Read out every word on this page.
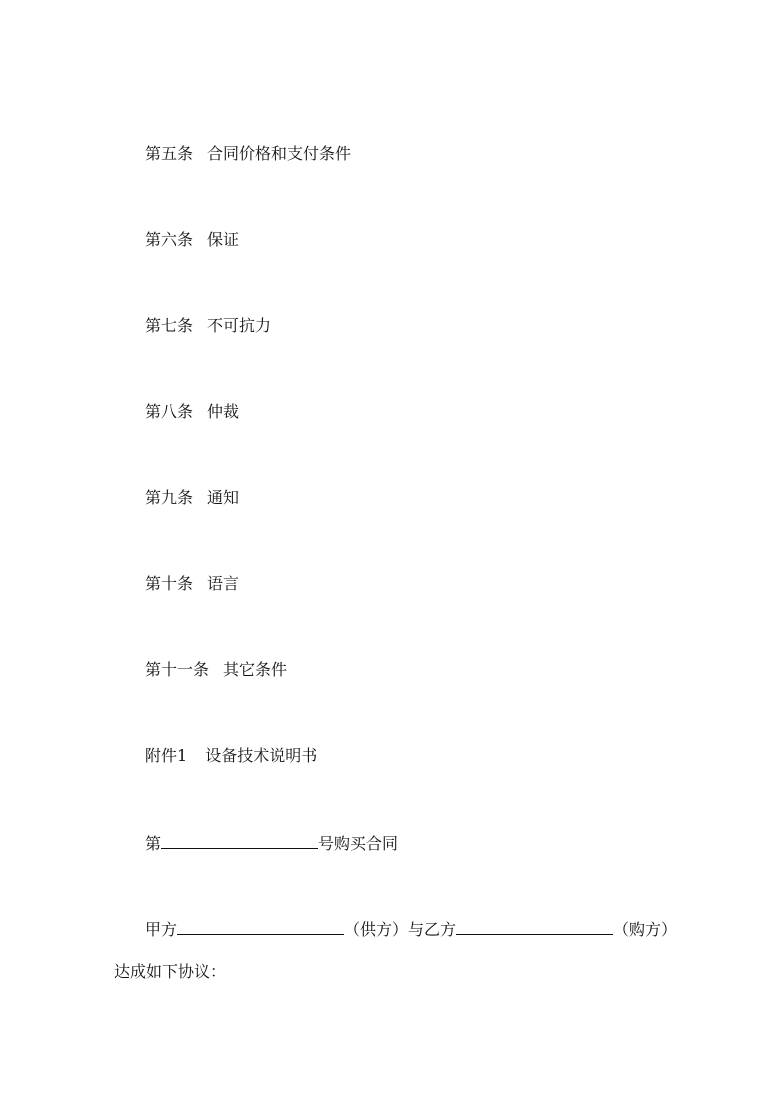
第五条 合同价格和支付条件
第六条 保证
第七条 不可抗力
第八条 仲裁
第九条 通知
第十条 语言
第十一条 其它条件
附件1 设备技术说明书
第	号购买合同
甲方	（供方）与乙方	（购方）
达成如下协议：
